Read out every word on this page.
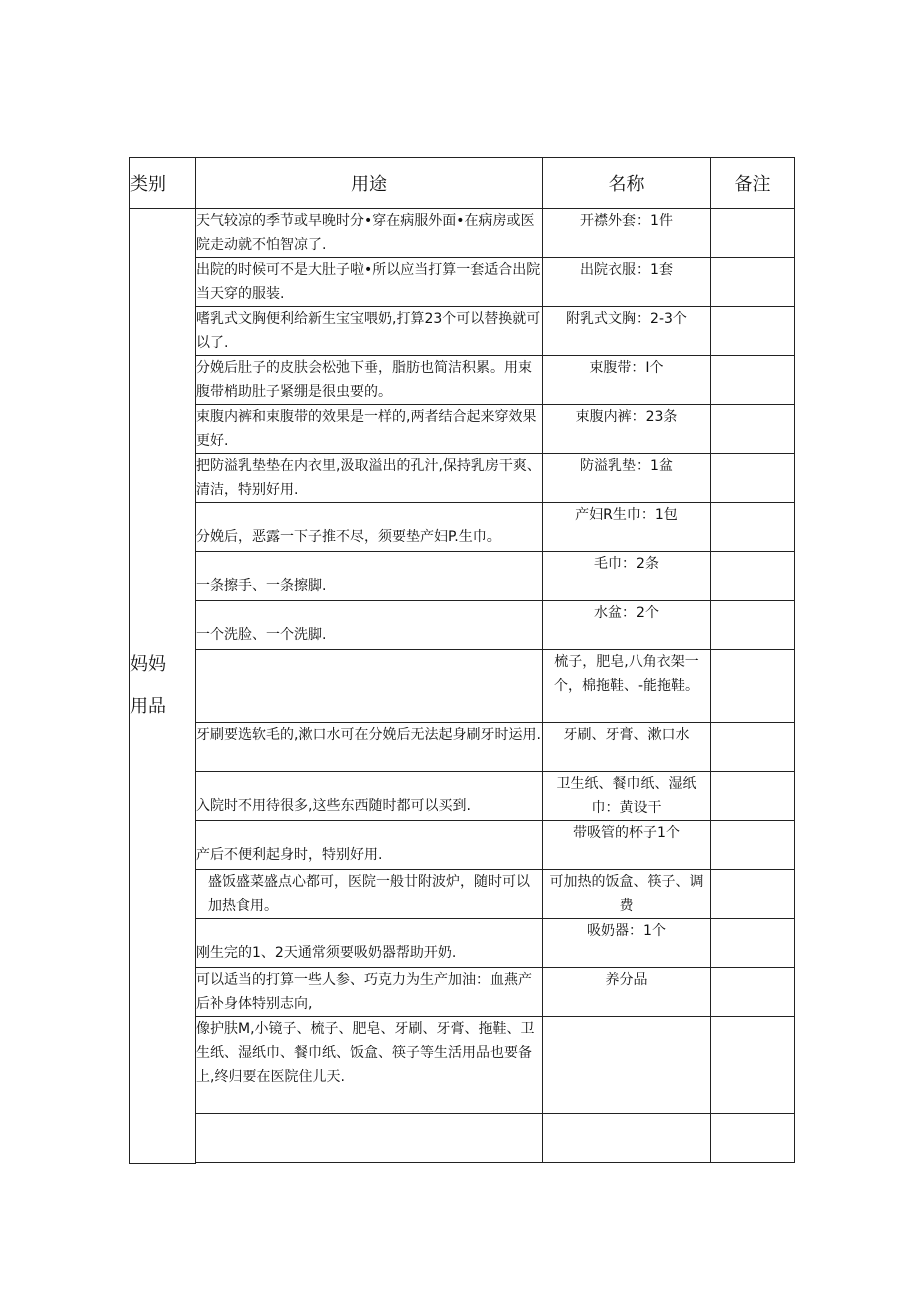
类别	用途	名称	备注
妈妈
用品	天气较凉的季节或早晚时分•穿在病服外面•在病房或医院走动就不怕智凉了.	开襟外套：1件	
	出院的时候可不是大肚子啦•所以应当打算一套适合出院当天穿的服装.	出院衣服：1套	
	嗜乳式文胸便利给新生宝宝喂奶,打算23个可以替换就可以了.	附乳式文胸：2-3个	
	分娩后肚子的皮肤会松弛下垂，脂肪也简洁积累。用束腹带梢助肚子紧绷是很虫要的。	束腹带：I个	
	束腹内裤和束腹带的效果是一样的,两者结合起来穿效果更好.	束腹内裤：23条	
	把防溢乳垫垫在内衣里,汲取溢出的孔汁,保持乳房干爽、清洁，特别好用.	防溢乳垫：1盆	
	分娩后，恶露一下子推不尽，须要垫产妇P.生巾。	产妇R生巾：1包	
	一条擦手、一条擦脚.	毛巾：2条	
	一个洗脸、一个洗脚.	水盆：2个	
		梳子，肥皂,八角衣架一个，棉拖鞋、-能拖鞋。	
	牙刷要选软毛的,漱口水可在分娩后无法起身刷牙时运用.	牙刷、牙膏、漱口水	
	入院时不用待很多,这些东西随时都可以买到.	卫生纸、餐巾纸、湿纸巾：黄设干	
	产后不便利起身时，特别好用.	带吸管的杯子1个	
	盛饭盛菜盛点心都可，医院一般廿附波炉，随时可以加热食用。	可加热的饭盒、筷子、调费	
	刚生完的1、2天通常须要吸奶器帮助开奶.	吸奶器：1个	
	可以适当的打算一些人参、巧克力为生产加油：血燕产后补身体特别志向,	养分品	
	像护肤M,小镜子、梳子、肥皂、牙刷、牙膏、拖鞋、卫生纸、湿纸巾、餐巾纸、饭盒、筷子等生活用品也要备上,终归要在医院住儿天.		
